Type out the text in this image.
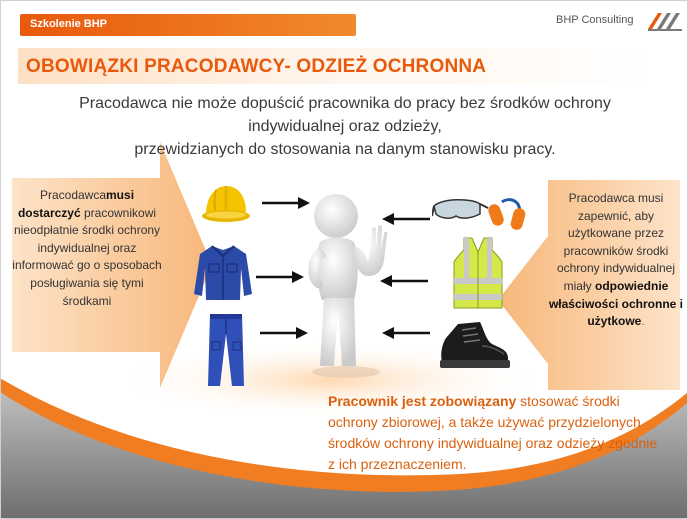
Szkolenie BHP	BHP Consulting
OBOWIĄZKI PRACODAWCY- ODZIEŻ OCHRONNA
Pracodawca nie może dopuścić pracownika do pracy bez środków ochrony
indywidualnej oraz odzieży,
przewidzianych do stosowania na danym stanowisku pracy.
Pracodawcamusi dostarczyć pracownikowi nieodpłatnie środki ochrony indywidualnej oraz informować go o sposobach posługiwania się tymi środkami
Pracodawca musi zapewnić, aby użytkowane przez pracowników środki ochrony indywidualnej miały odpowiednie właściwości ochronne i użytkowe.
Pracownik jest zobowiązany stosować środki ochrony zbiorowej, a także używać przydzielonych środków ochrony indywidualnej oraz odzieży zgodnie z ich przeznaczeniem.
